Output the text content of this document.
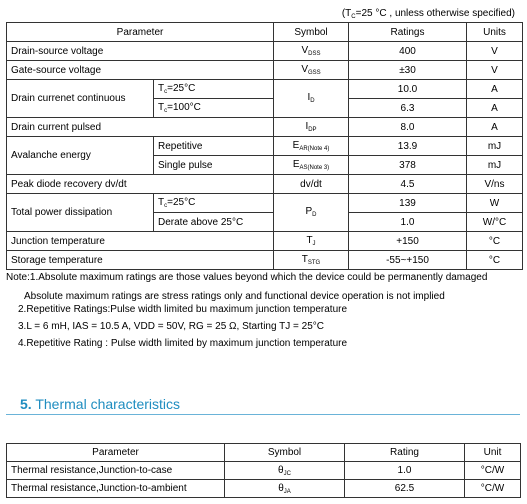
($T_C=25$ °C , unless otherwise specified)
Parameter		Symbol	Ratings	Units
Drain-source voltage		$V_{DSS}$	400	V
Gate-source voltage		$V_{GSS}$	±30	V
Drain currenet continuous	$T_c=25^\circ C$	$I_D$	10.0	A
	$T_c=100^\circ C$		6.3	A
Drain current pulsed		$I_{DP}$	8.0	A
Avalanche energy	Repetitive	$E_{AR(Note 4)}$	13.9	mJ
	Single pulse	$E_{AS(Note 3)}$	378	mJ
Peak diode recovery dv/dt		dv/dt	4.5	V/ns
Total power dissipation	$T_c=25^\circ C$	$P_D$	139	W
	Derate above 25°C		1.0	W/°C
Junction temperature		$T_J$	+150	°C
Storage temperature		$T_{STG}$	-55~+150	°C

Note:1.Absolute maximum ratings are those values beyond which the device could be permanently damaged

Absolute maximum ratings are stress ratings only and functional device operation is not implied

2.Repetitive Ratings:Pulse width limited bu maximum junction temperature

3.L = 6 mH, IAS = 10.5 A, VDD = 50V, RG = 25 Ω, Starting TJ = 25°C

4.Repetitive Rating : Pulse width limited by maximum junction temperature

5. Thermal characteristics
Parameter	Symbol	Rating	Unit
Thermal resistance,Junction-to-case	$\theta_{JC}$	1.0	°C/W
Thermal resistance,Junction-to-ambient	$\theta_{JA}$	62.5	°C/W
